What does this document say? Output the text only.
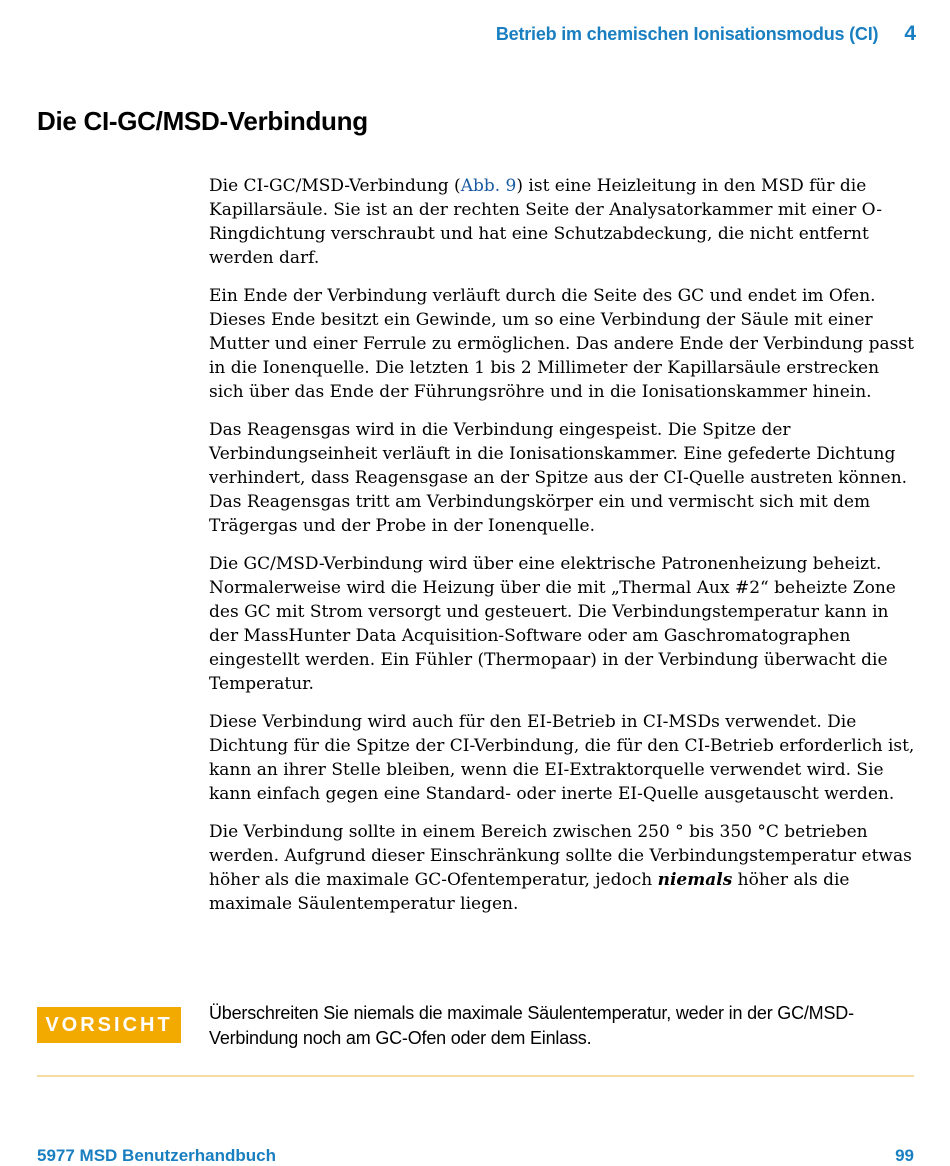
Betrieb im chemischen Ionisationsmodus (CI) 4
Die CI-GC/MSD-Verbindung

Die CI-GC/MSD-Verbindung (Abb. 9) ist eine Heizleitung in den MSD für die Kapillarsäule. Sie ist an der rechten Seite der Analysatorkammer mit einer O-Ringdichtung verschraubt und hat eine Schutzabdeckung, die nicht entfernt werden darf.

Ein Ende der Verbindung verläuft durch die Seite des GC und endet im Ofen. Dieses Ende besitzt ein Gewinde, um so eine Verbindung der Säule mit einer Mutter und einer Ferrule zu ermöglichen. Das andere Ende der Verbindung passt in die Ionenquelle. Die letzten 1 bis 2 Millimeter der Kapillarsäule erstrecken sich über das Ende der Führungsröhre und in die Ionisationskammer hinein.

Das Reagensgas wird in die Verbindung eingespeist. Die Spitze der Verbindungseinheit verläuft in die Ionisationskammer. Eine gefederte Dichtung verhindert, dass Reagensgase an der Spitze aus der CI-Quelle austreten können. Das Reagensgas tritt am Verbindungskörper ein und vermischt sich mit dem Trägergas und der Probe in der Ionenquelle.

Die GC/MSD-Verbindung wird über eine elektrische Patronenheizung beheizt. Normalerweise wird die Heizung über die mit „Thermal Aux #2“ beheizte Zone des GC mit Strom versorgt und gesteuert. Die Verbindungstemperatur kann in der MassHunter Data Acquisition-Software oder am Gaschromatographen eingestellt werden. Ein Fühler (Thermopaar) in der Verbindung überwacht die Temperatur.

Diese Verbindung wird auch für den EI-Betrieb in CI-MSDs verwendet. Die Dichtung für die Spitze der CI-Verbindung, die für den CI-Betrieb erforderlich ist, kann an ihrer Stelle bleiben, wenn die EI-Extraktorquelle verwendet wird. Sie kann einfach gegen eine Standard- oder inerte EI-Quelle ausgetauscht werden.

Die Verbindung sollte in einem Bereich zwischen 250 ° bis 350 °C betrieben werden. Aufgrund dieser Einschränkung sollte die Verbindungstemperatur etwas höher als die maximale GC-Ofentemperatur, jedoch niemals höher als die maximale Säulentemperatur liegen.

VORSICHT
Überschreiten Sie niemals die maximale Säulentemperatur, weder in der GC/MSD-Verbindung noch am GC-Ofen oder dem Einlass.
5977 MSD Benutzerhandbuch	99
